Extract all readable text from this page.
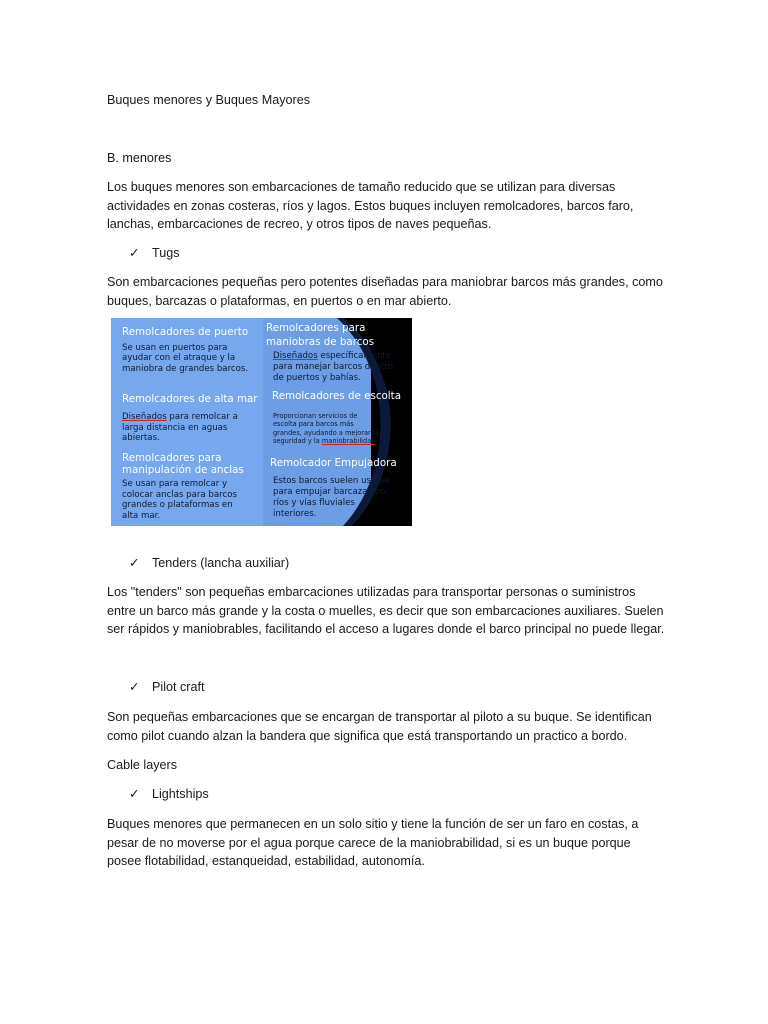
Buques menores y Buques Mayores
B. menores
Los buques menores son embarcaciones de tamaño reducido que se utilizan para diversas
actividades en zonas costeras, ríos y lagos. Estos buques incluyen remolcadores, barcos faro,
lanchas, embarcaciones de recreo, y otros tipos de naves pequeñas.
✓ Tugs
Son embarcaciones pequeñas pero potentes diseñadas para maniobrar barcos más grandes, como
buques, barcazas o plataformas, en puertos o en mar abierto.
Remolcadores de puerto
Se usan en puertos para
ayudar con el atraque y la
maniobra de grandes barcos.
Remolcadores de alta mar
Diseñados para remolcar a
larga distancia en aguas
abiertas.
Remolcadores para
manipulación de anclas
Se usan para remolcar y
colocar anclas para barcos
grandes o plataformas en
alta mar.
Remolcadores para
maniobras de barcos
Diseñados específicamente
para manejar barcos dentro
de puertos y bahías.
Remolcadores de escolta
Proporcionan servicios de
escolta para barcos más
grandes, ayudando a mejorar la
seguridad y la maniobrabilidad
Remolcador Empujadora
Estos barcos suelen usarse
para empujar barcazas por
ríos y vías fluviales
interiores.
✓ Tenders (lancha auxiliar)
Los "tenders" son pequeñas embarcaciones utilizadas para transportar personas o suministros
entre un barco más grande y la costa o muelles, es decir que son embarcaciones auxiliares. Suelen
ser rápidos y maniobrables, facilitando el acceso a lugares donde el barco principal no puede llegar.
✓ Pilot craft
Son pequeñas embarcaciones que se encargan de transportar al piloto a su buque. Se identifican
como pilot cuando alzan la bandera que significa que está transportando un practico a bordo.
Cable layers
✓ Lightships
Buques menores que permanecen en un solo sitio y tiene la función de ser un faro en costas, a
pesar de no moverse por el agua porque carece de la maniobrabilidad, si es un buque porque
posee flotabilidad, estanqueidad, estabilidad, autonomía.
